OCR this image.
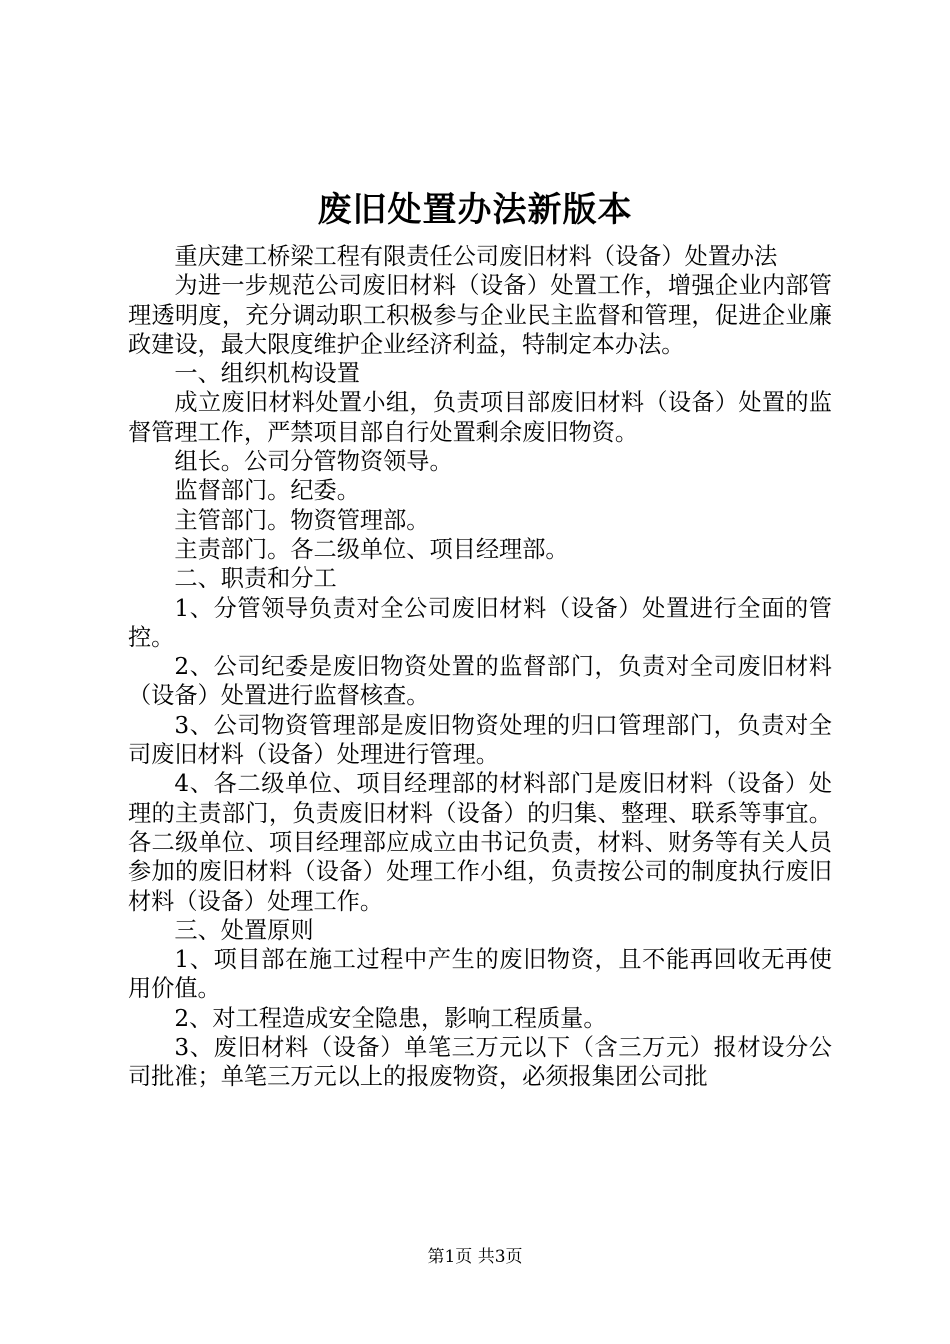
废旧处置办法新版本

重庆建工桥梁工程有限责任公司废旧材料（设备）处置办法

为进一步规范公司废旧材料（设备）处置工作，增强企业内部管理透明度，充分调动职工积极参与企业民主监督和管理，促进企业廉政建设，最大限度维护企业经济利益，特制定本办法。

一、组织机构设置

成立废旧材料处置小组，负责项目部废旧材料（设备）处置的监督管理工作，严禁项目部自行处置剩余废旧物资。

组长。公司分管物资领导。

监督部门。纪委。

主管部门。物资管理部。

主责部门。各二级单位、项目经理部。

二、职责和分工

1、分管领导负责对全公司废旧材料（设备）处置进行全面的管控。

2、公司纪委是废旧物资处置的监督部门，负责对全司废旧材料（设备）处置进行监督核查。

3、公司物资管理部是废旧物资处理的归口管理部门，负责对全司废旧材料（设备）处理进行管理。

4、各二级单位、项目经理部的材料部门是废旧材料（设备）处理的主责部门，负责废旧材料（设备）的归集、整理、联系等事宜。各二级单位、项目经理部应成立由书记负责，材料、财务等有关人员参加的废旧材料（设备）处理工作小组，负责按公司的制度执行废旧材料（设备）处理工作。

三、处置原则

1、项目部在施工过程中产生的废旧物资，且不能再回收无再使用价值。

2、对工程造成安全隐患，影响工程质量。

3、废旧材料（设备）单笔三万元以下（含三万元）报材设分公司批准；单笔三万元以上的报废物资，必须报集团公司批

第1页 共3页
